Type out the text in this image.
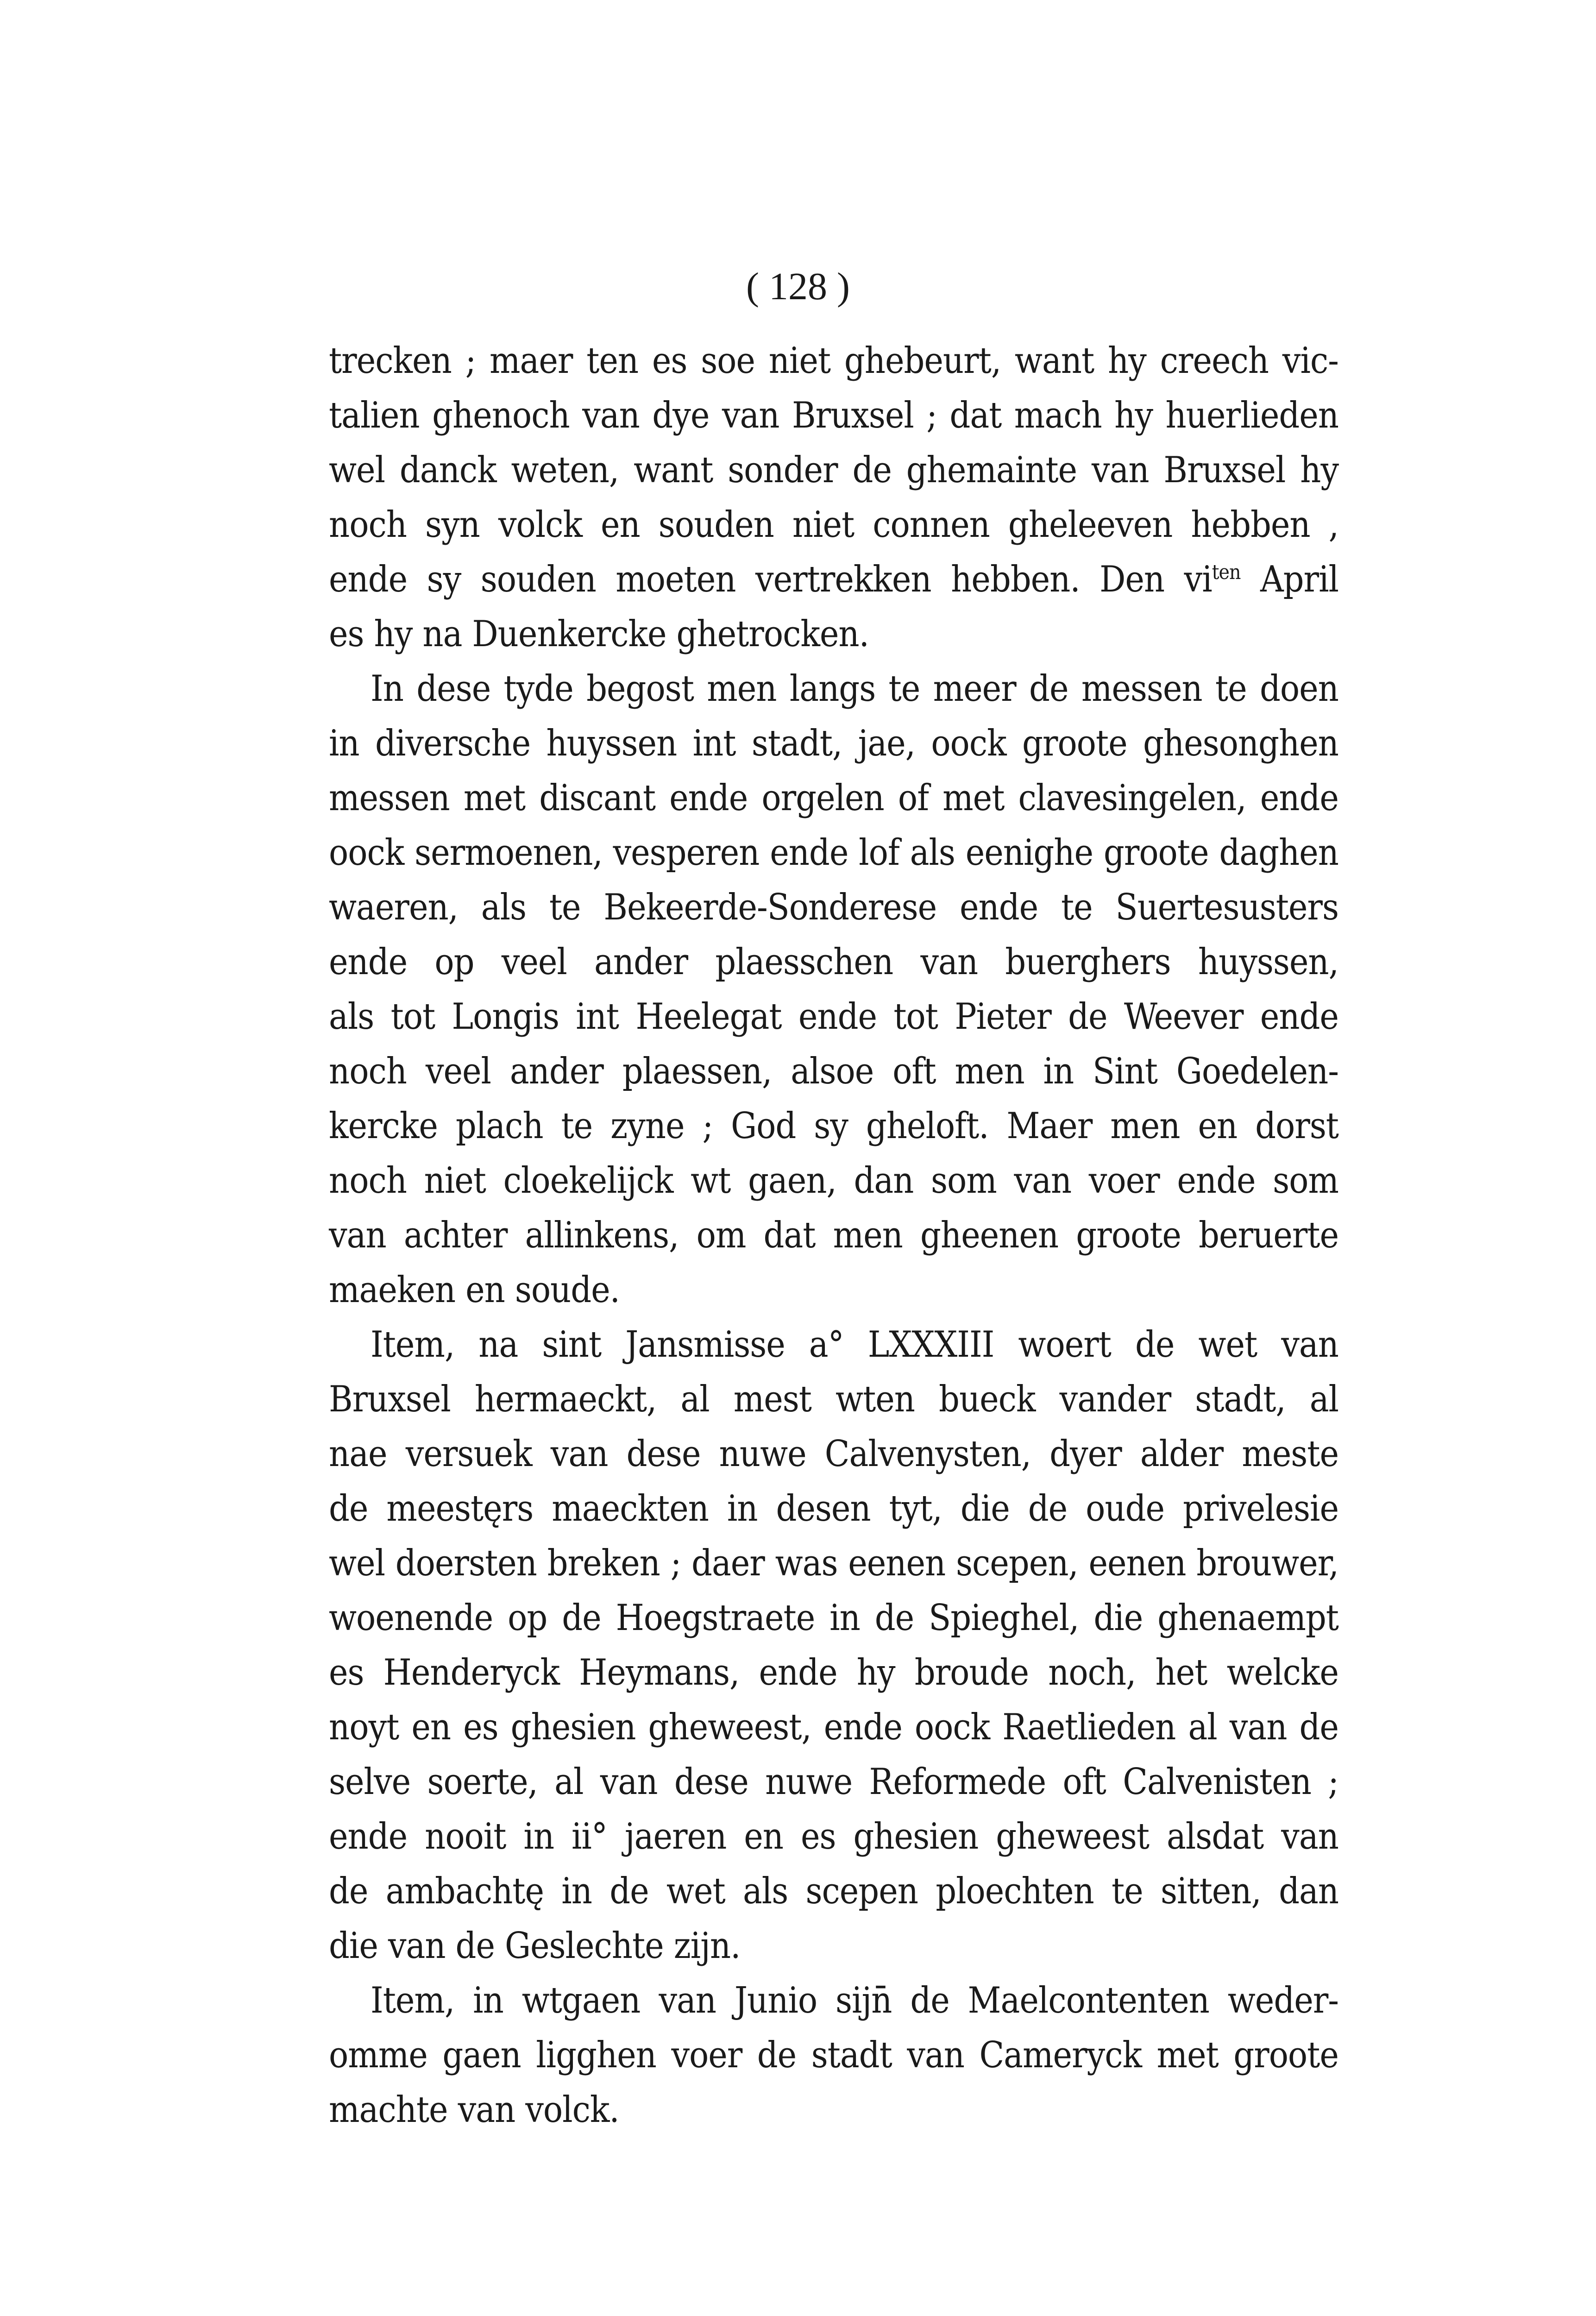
( 128 )
trecken ; maer ten es soe niet ghebeurt, want hy creech vic-
talien ghenoch van dye van Bruxsel ; dat mach hy huerlieden
wel danck weten, want sonder de ghemainte van Bruxsel hy
noch syn volck en souden niet connen gheleeven hebben ,
ende sy souden moeten vertrekken hebben. Den $vi^{ten}$ April
es hy na Duenkercke ghetrocken.
In dese tyde begost men langs te meer de messen te doen
in diversche huyssen int stadt, jae, oock groote ghesonghen
messen met discant ende orgelen of met clavesingelen, ende
oock sermoenen, vesperen ende lof als eenighe groote daghen
waeren, als te Bekeerde-Sonderese ende te Suertesusters
ende op veel ander plaesschen van buerghers huyssen,
als tot Longis int Heelegat ende tot Pieter de Weever ende
noch veel ander plaessen, alsoe oft men in Sint Goedelen-
kercke plach te zyne ; God sy gheloft. Maer men en dorst
noch niet cloekelijck wt gaen, dan som van voer ende som
van achter allinkens, om dat men gheenen groote beruerte
maeken en soude.
Item, na sint Jansmisse a° LXXXIII woert de wet van
Bruxsel hermaeckt, al mest wten bueck vander stadt, al
nae versuek van dese nuwe Calvenysten, dyer alder meste
de meestęrs maeckten in desen tyt, die de oude privelesie
wel doersten breken ; daer was eenen scepen, eenen brouwer,
woenende op de Hoegstraete in de Spieghel, die ghenaempt
es Henderyck Heymans, ende hy broude noch, het welcke
noyt en es ghesien gheweest, ende oock Raetlieden al van de
selve soerte, al van dese nuwe Reformede oft Calvenisten ;
ende nooit in ii° jaeren en es ghesien gheweest alsdat van
de ambachtę in de wet als scepen ploechten te sitten, dan
die van de Geslechte zijn.
Item, in wtgaen van Junio sijn̄ de Maelcontenten weder-
omme gaen ligghen voer de stadt van Cameryck met groote
machte van volck.
